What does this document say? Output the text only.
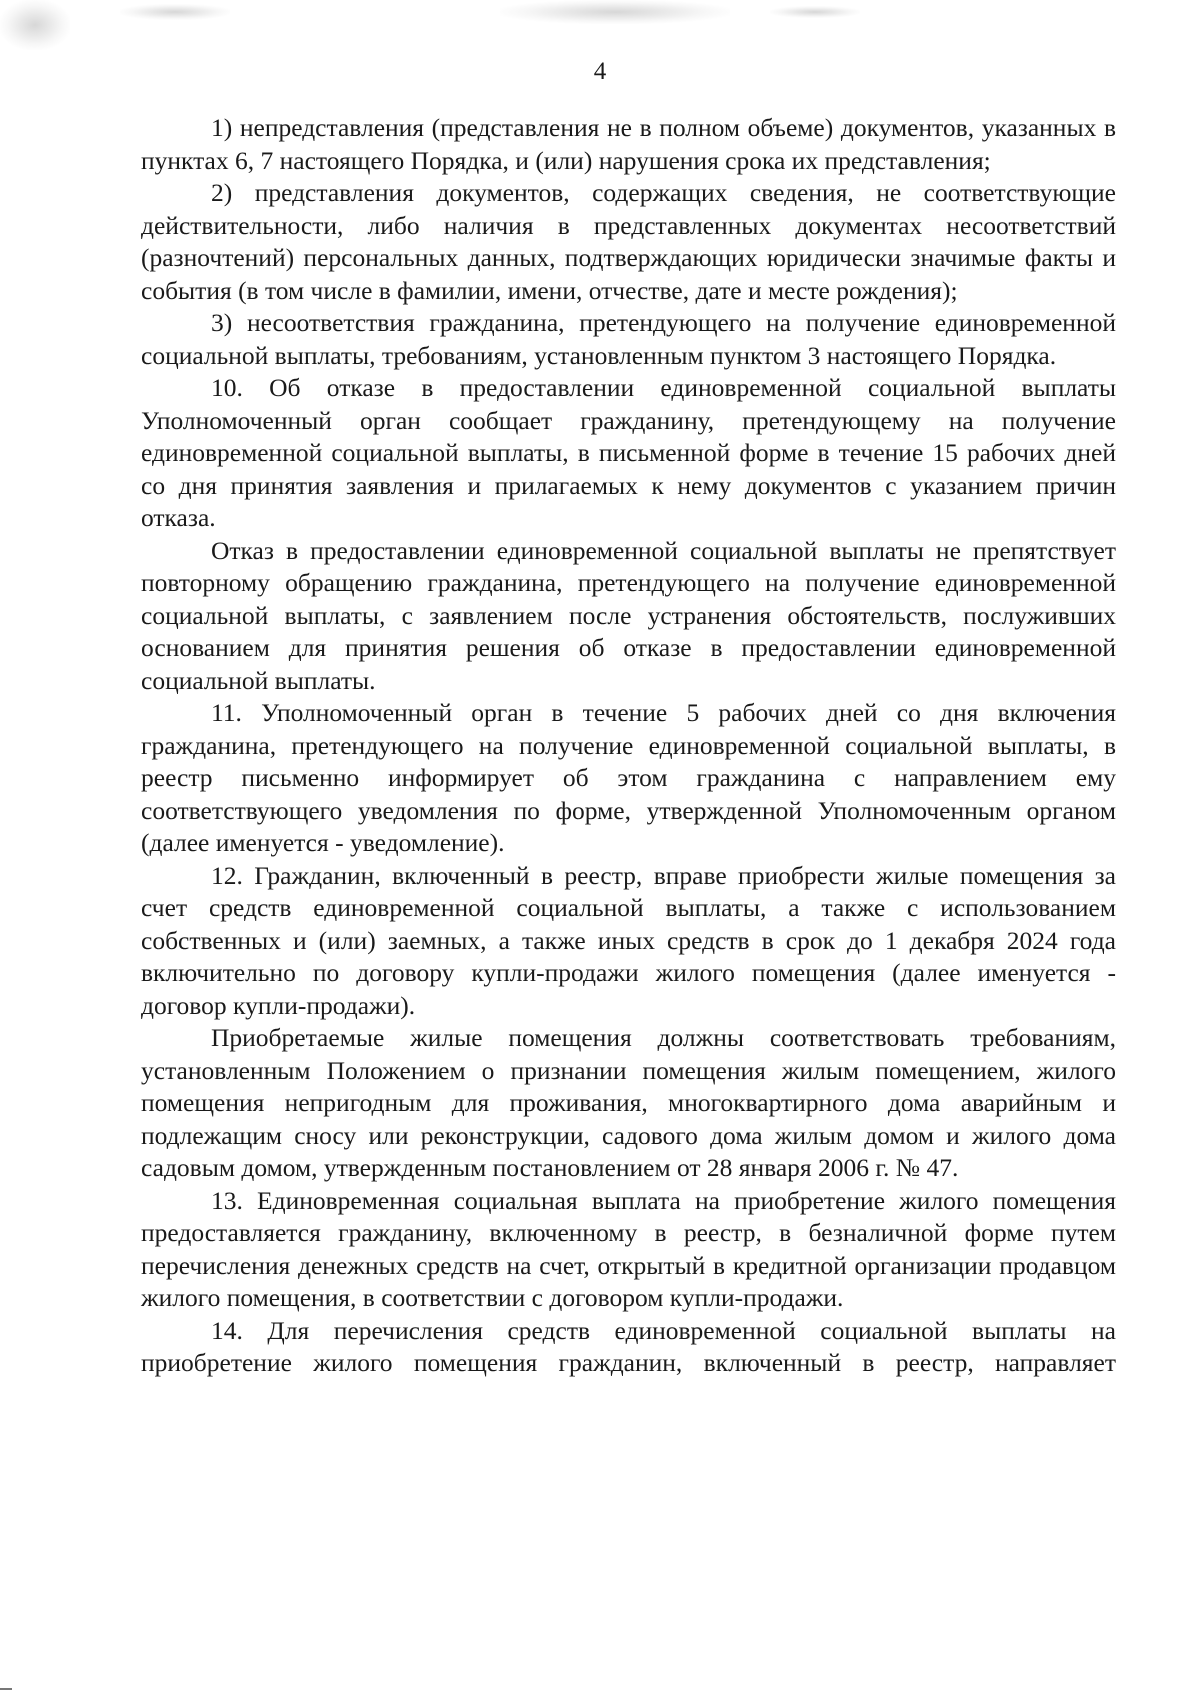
4

1) непредставления (представления не в полном объеме) документов, указанных в пунктах 6, 7 настоящего Порядка, и (или) нарушения срока их представления;

2) представления документов, содержащих сведения, не соответствующие действительности, либо наличия в представленных документах несоответствий (разночтений) персональных данных, подтверждающих юридически значимые факты и события (в том числе в фамилии, имени, отчестве, дате и месте рождения);

3) несоответствия гражданина, претендующего на получение единовременной социальной выплаты, требованиям, установленным пунктом 3 настоящего Порядка.

10. Об отказе в предоставлении единовременной социальной выплаты Уполномоченный орган сообщает гражданину, претендующему на получение единовременной социальной выплаты, в письменной форме в течение 15 рабочих дней со дня принятия заявления и прилагаемых к нему документов с указанием причин отказа.

Отказ в предоставлении единовременной социальной выплаты не препятствует повторному обращению гражданина, претендующего на получение единовременной социальной выплаты, с заявлением после устранения обстоятельств, послуживших основанием для принятия решения об отказе в предоставлении единовременной социальной выплаты.

11. Уполномоченный орган в течение 5 рабочих дней со дня включения гражданина, претендующего на получение единовременной социальной выплаты, в реестр письменно информирует об этом гражданина с направлением ему соответствующего уведомления по форме, утвержденной Уполномоченным органом (далее именуется - уведомление).

12. Гражданин, включенный в реестр, вправе приобрести жилые помещения за счет средств единовременной социальной выплаты, а также с использованием собственных и (или) заемных, а также иных средств в срок до 1 декабря 2024 года включительно по договору купли-продажи жилого помещения (далее именуется - договор купли-продажи).

Приобретаемые жилые помещения должны соответствовать требованиям, установленным Положением о признании помещения жилым помещением, жилого помещения непригодным для проживания, многоквартирного дома аварийным и подлежащим сносу или реконструкции, садового дома жилым домом и жилого дома садовым домом, утвержденным постановлением от 28 января 2006 г. № 47.

13. Единовременная социальная выплата на приобретение жилого помещения предоставляется гражданину, включенному в реестр, в безналичной форме путем перечисления денежных средств на счет, открытый в кредитной организации продавцом жилого помещения, в соответствии с договором купли-продажи.

14. Для перечисления средств единовременной социальной выплаты на приобретение жилого помещения гражданин, включенный в реестр, направляет
